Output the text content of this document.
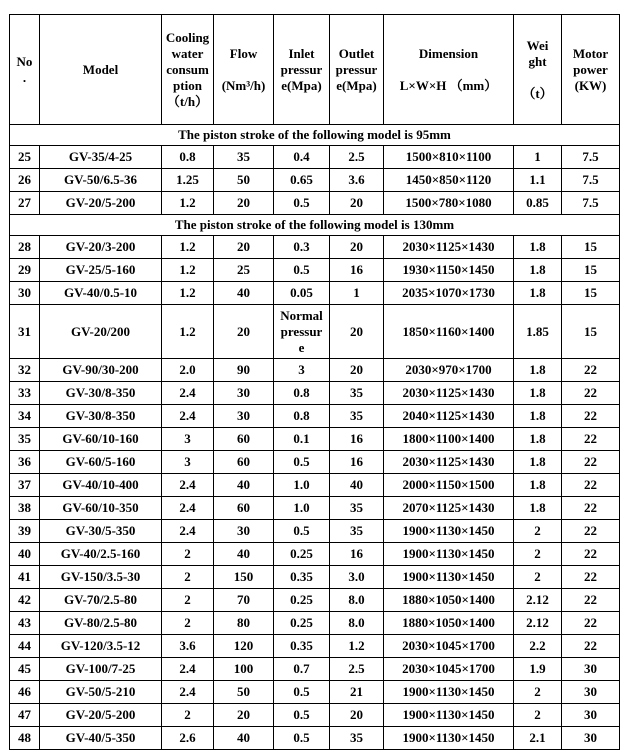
No
.	Model	Cooling
water
consum
ption
（t/h）	Flow

(Nm³/h)	Inlet
pressur
e(Mpa)	Outlet
pressur
e(Mpa)	Dimension

L×W×H （mm）	Wei
ght

（t）	Motor
power
(KW)

The piston stroke of the following model is 95mm								

25	GV-35/4-25	0.8	35	0.4	2.5	1500×810×1100	1	7.5

26	GV-50/6.5-36	1.25	50	0.65	3.6	1450×850×1120	1.1	7.5

27	GV-20/5-200	1.2	20	0.5	20	1500×780×1080	0.85	7.5

The piston stroke of the following model is 130mm								

28	GV-20/3-200	1.2	20	0.3	20	2030×1125×1430	1.8	15

29	GV-25/5-160	1.2	25	0.5	16	1930×1150×1450	1.8	15

30	GV-40/0.5-10	1.2	40	0.05	1	2035×1070×1730	1.8	15

31	GV-20/200	1.2	20	Normal
pressur
e	20	1850×1160×1400	1.85	15

32	GV-90/30-200	2.0	90	3	20	2030×970×1700	1.8	22

33	GV-30/8-350	2.4	30	0.8	35	2030×1125×1430	1.8	22

34	GV-30/8-350	2.4	30	0.8	35	2040×1125×1430	1.8	22

35	GV-60/10-160	3	60	0.1	16	1800×1100×1400	1.8	22

36	GV-60/5-160	3	60	0.5	16	2030×1125×1430	1.8	22

37	GV-40/10-400	2.4	40	1.0	40	2000×1150×1500	1.8	22

38	GV-60/10-350	2.4	60	1.0	35	2070×1125×1430	1.8	22

39	GV-30/5-350	2.4	30	0.5	35	1900×1130×1450	2	22

40	GV-40/2.5-160	2	40	0.25	16	1900×1130×1450	2	22

41	GV-150/3.5-30	2	150	0.35	3.0	1900×1130×1450	2	22

42	GV-70/2.5-80	2	70	0.25	8.0	1880×1050×1400	2.12	22

43	GV-80/2.5-80	2	80	0.25	8.0	1880×1050×1400	2.12	22

44	GV-120/3.5-12	3.6	120	0.35	1.2	2030×1045×1700	2.2	22

45	GV-100/7-25	2.4	100	0.7	2.5	2030×1045×1700	1.9	30

46	GV-50/5-210	2.4	50	0.5	21	1900×1130×1450	2	30

47	GV-20/5-200	2	20	0.5	20	1900×1130×1450	2	30

48	GV-40/5-350	2.6	40	0.5	35	1900×1130×1450	2.1	30
